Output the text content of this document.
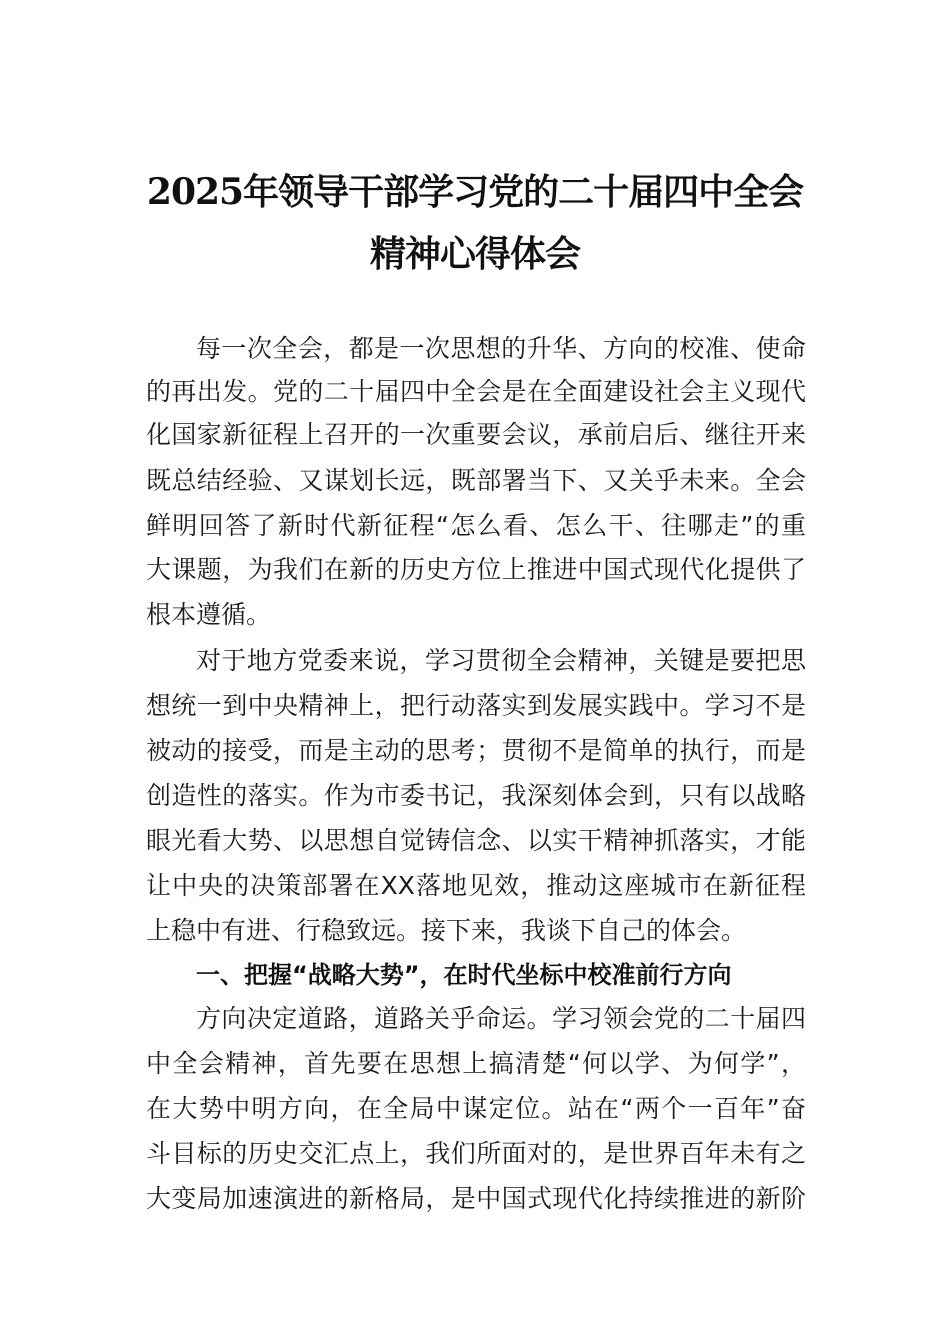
2025年领导干部学习党的二十届四中全会
精神心得体会
每一次全会，都是一次思想的升华、方向的校准、使命
的再出发。党的二十届四中全会是在全面建设社会主义现代
化国家新征程上召开的一次重要会议，承前启后、继往开来
既总结经验、又谋划长远，既部署当下、又关乎未来。全会
鲜明回答了新时代新征程“怎么看、怎么干、往哪走”的重
大课题，为我们在新的历史方位上推进中国式现代化提供了
根本遵循。
对于地方党委来说，学习贯彻全会精神，关键是要把思
想统一到中央精神上，把行动落实到发展实践中。学习不是
被动的接受，而是主动的思考；贯彻不是简单的执行，而是
创造性的落实。作为市委书记，我深刻体会到，只有以战略
眼光看大势、以思想自觉铸信念、以实干精神抓落实，才能
让中央的决策部署在XX落地见效，推动这座城市在新征程
上稳中有进、行稳致远。接下来，我谈下自己的体会。
一、把握“战略大势”，在时代坐标中校准前行方向
方向决定道路，道路关乎命运。学习领会党的二十届四
中全会精神，首先要在思想上搞清楚“何以学、为何学”，
在大势中明方向，在全局中谋定位。站在“两个一百年”奋
斗目标的历史交汇点上，我们所面对的，是世界百年未有之
大变局加速演进的新格局，是中国式现代化持续推进的新阶
